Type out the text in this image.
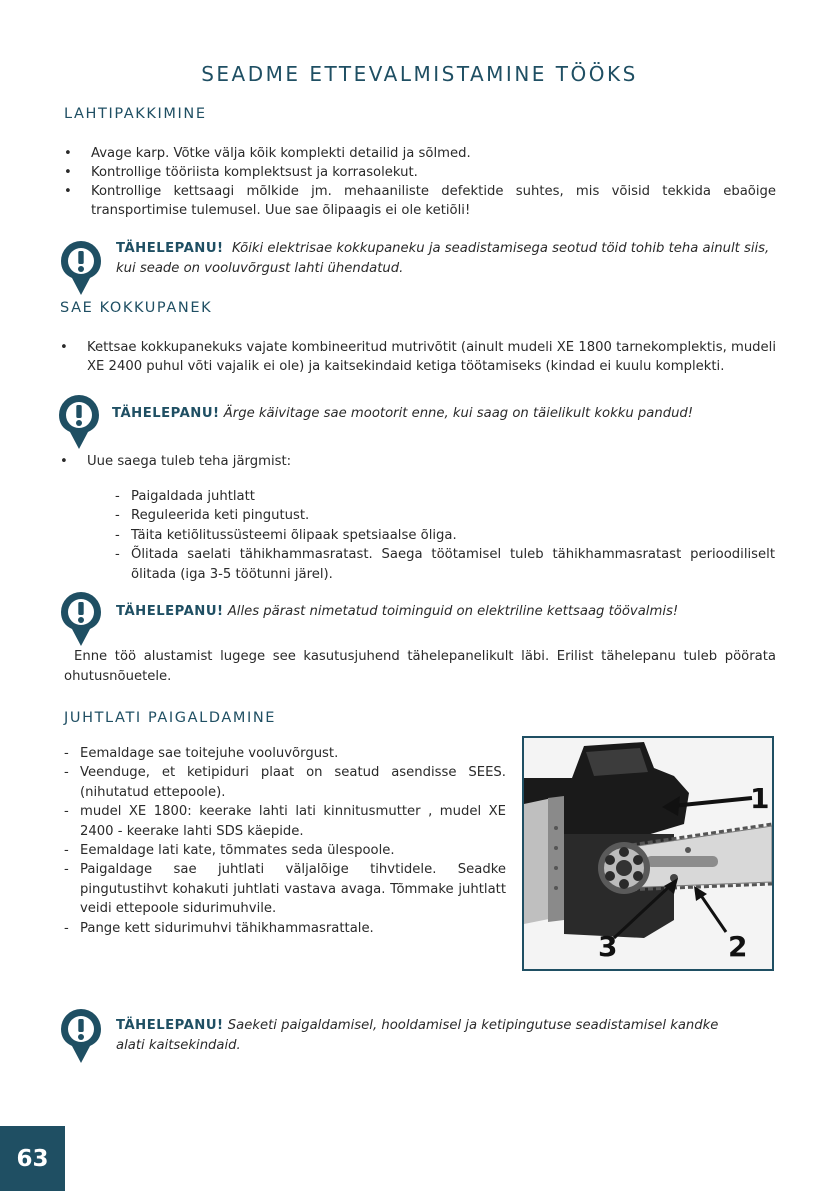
SEADME ETTEVALMISTAMINE TÖÖKS
LAHTIPAKKIMINE
• Avage karp. Võtke välja kõik komplekti detailid ja sõlmed.
• Kontrollige tööriista komplektsust ja korrasolekut.
• Kontrollige kettsaagi mõlkide jm. mehaaniliste defektide suhtes, mis võisid tekkida ebaõige transportimise tulemusel. Uue sae õlipaagis ei ole ketiõli!
TÄHELEPANU! Kõiki elektrisae kokkupaneku ja seadistamisega seotud töid tohib teha ainult siis, kui seade on vooluvõrgust lahti ühendatud.
SAE KOKKUPANEK
• Kettsae kokkupanekuks vajate kombineeritud mutrivõtit (ainult mudeli XE 1800 tarnekomplektis, mudeli XE 2400 puhul võti vajalik ei ole) ja kaitsekindaid ketiga töötamiseks (kindad ei kuulu komplekti.
TÄHELEPANU! Ärge käivitage sae mootorit enne, kui saag on täielikult kokku pandud!
• Uue saega tuleb teha järgmist:
- Paigaldada juhtlatt
- Reguleerida keti pingutust.
- Täita ketiõlitussüsteemi õlipaak spetsiaalse õliga.
- Õlitada saelati tähikhammasratast. Saega töötamisel tuleb tähikhammasratast perioodiliselt õlitada (iga 3-5 töötunni järel).
TÄHELEPANU! Alles pärast nimetatud toiminguid on elektriline kettsaag töövalmis!
Enne töö alustamist lugege see kasutusjuhend tähelepanelikult läbi. Erilist tähelepanu tuleb pöörata ohutusnõuetele.
JUHTLATI PAIGALDAMINE
- Eemaldage sae toitejuhe vooluvõrgust.
- Veenduge, et ketipiduri plaat on seatud asendisse SEES. (nihutatud ettepoole).
- mudel XE 1800: keerake lahti lati kinnitusmutter , mudel XE 2400 - keerake lahti SDS käepide.
- Eemaldage lati kate, tõmmates seda ülespoole.
- Paigaldage sae juhtlati väljalõige tihvtidele. Seadke pingutustihvt kohakuti juhtlati vastava avaga. Tõmmake juhtlatt veidi ettepoole sidurimuhvile.
- Pange kett sidurimuhvi tähikhammasrattale.
1
2
3
TÄHELEPANU! Saeketi paigaldamisel, hooldamisel ja ketipingutuse seadistamisel kandke alati kaitsekindaid.
63
